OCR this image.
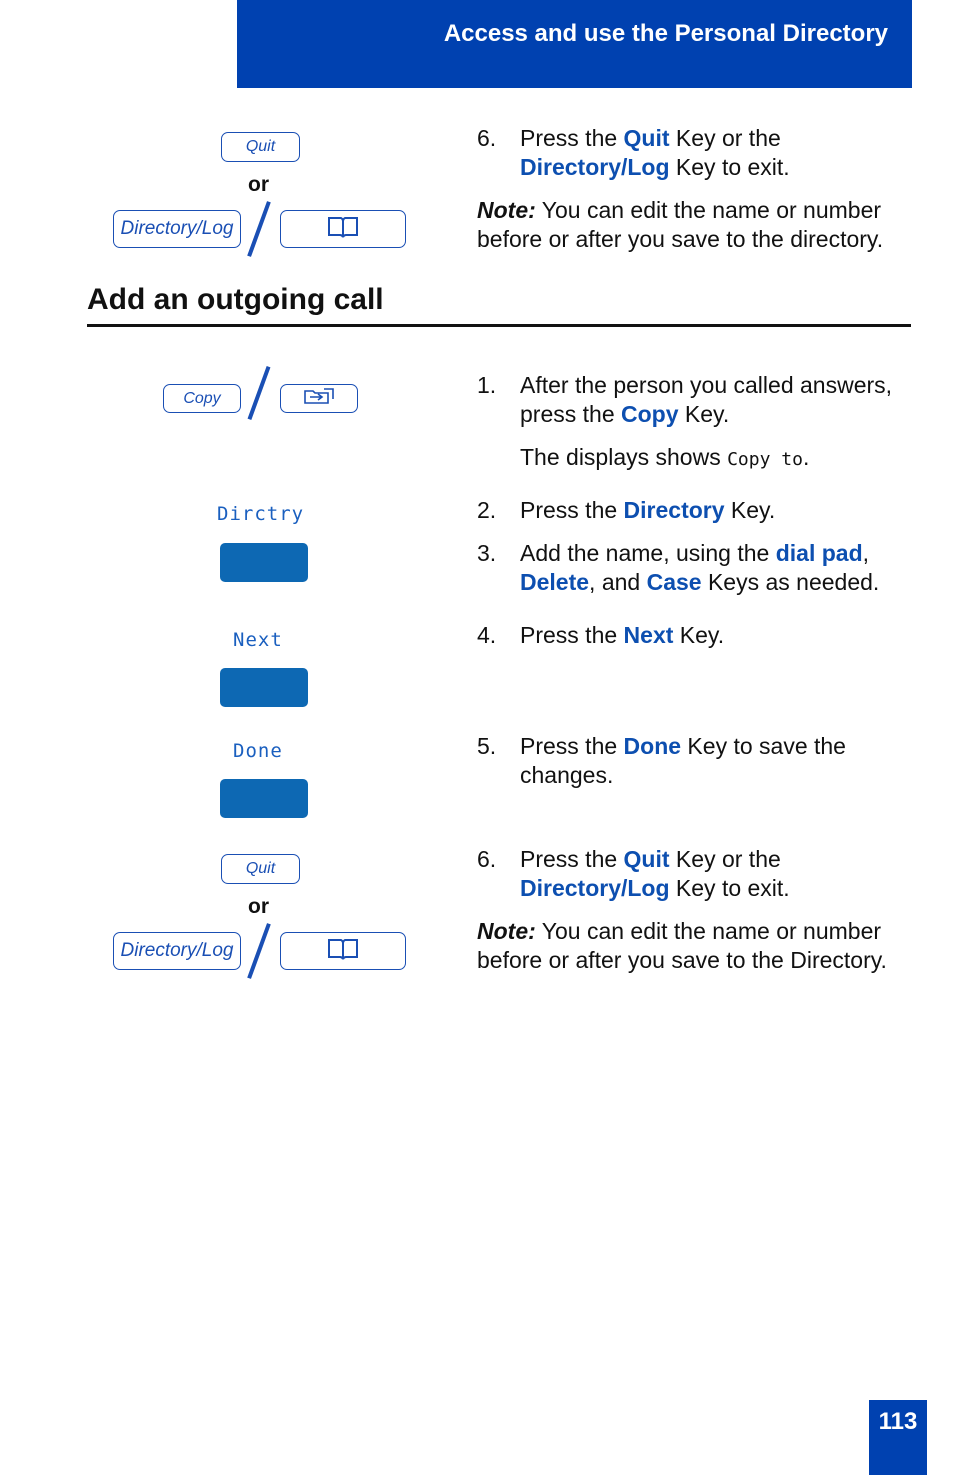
Access and use the Personal Directory
Quit
or
Directory/Log
6. Press the Quit Key or the
Directory/Log Key to exit.
Note: You can edit the name or number before or after you save to the directory.
Add an outgoing call
Copy
1. After the person you called answers, press the Copy Key.
The displays shows Copy to.
Dirctry	2. Press the Directory Key.
3. Add the name, using the dial pad,
Delete, and Case Keys as needed.
Next	4. Press the Next Key.
Done	5. Press the Done Key to save the changes.
Quit
or
Directory/Log
6. Press the Quit Key or the
Directory/Log Key to exit.
Note: You can edit the name or number before or after you save to the Directory.
113
